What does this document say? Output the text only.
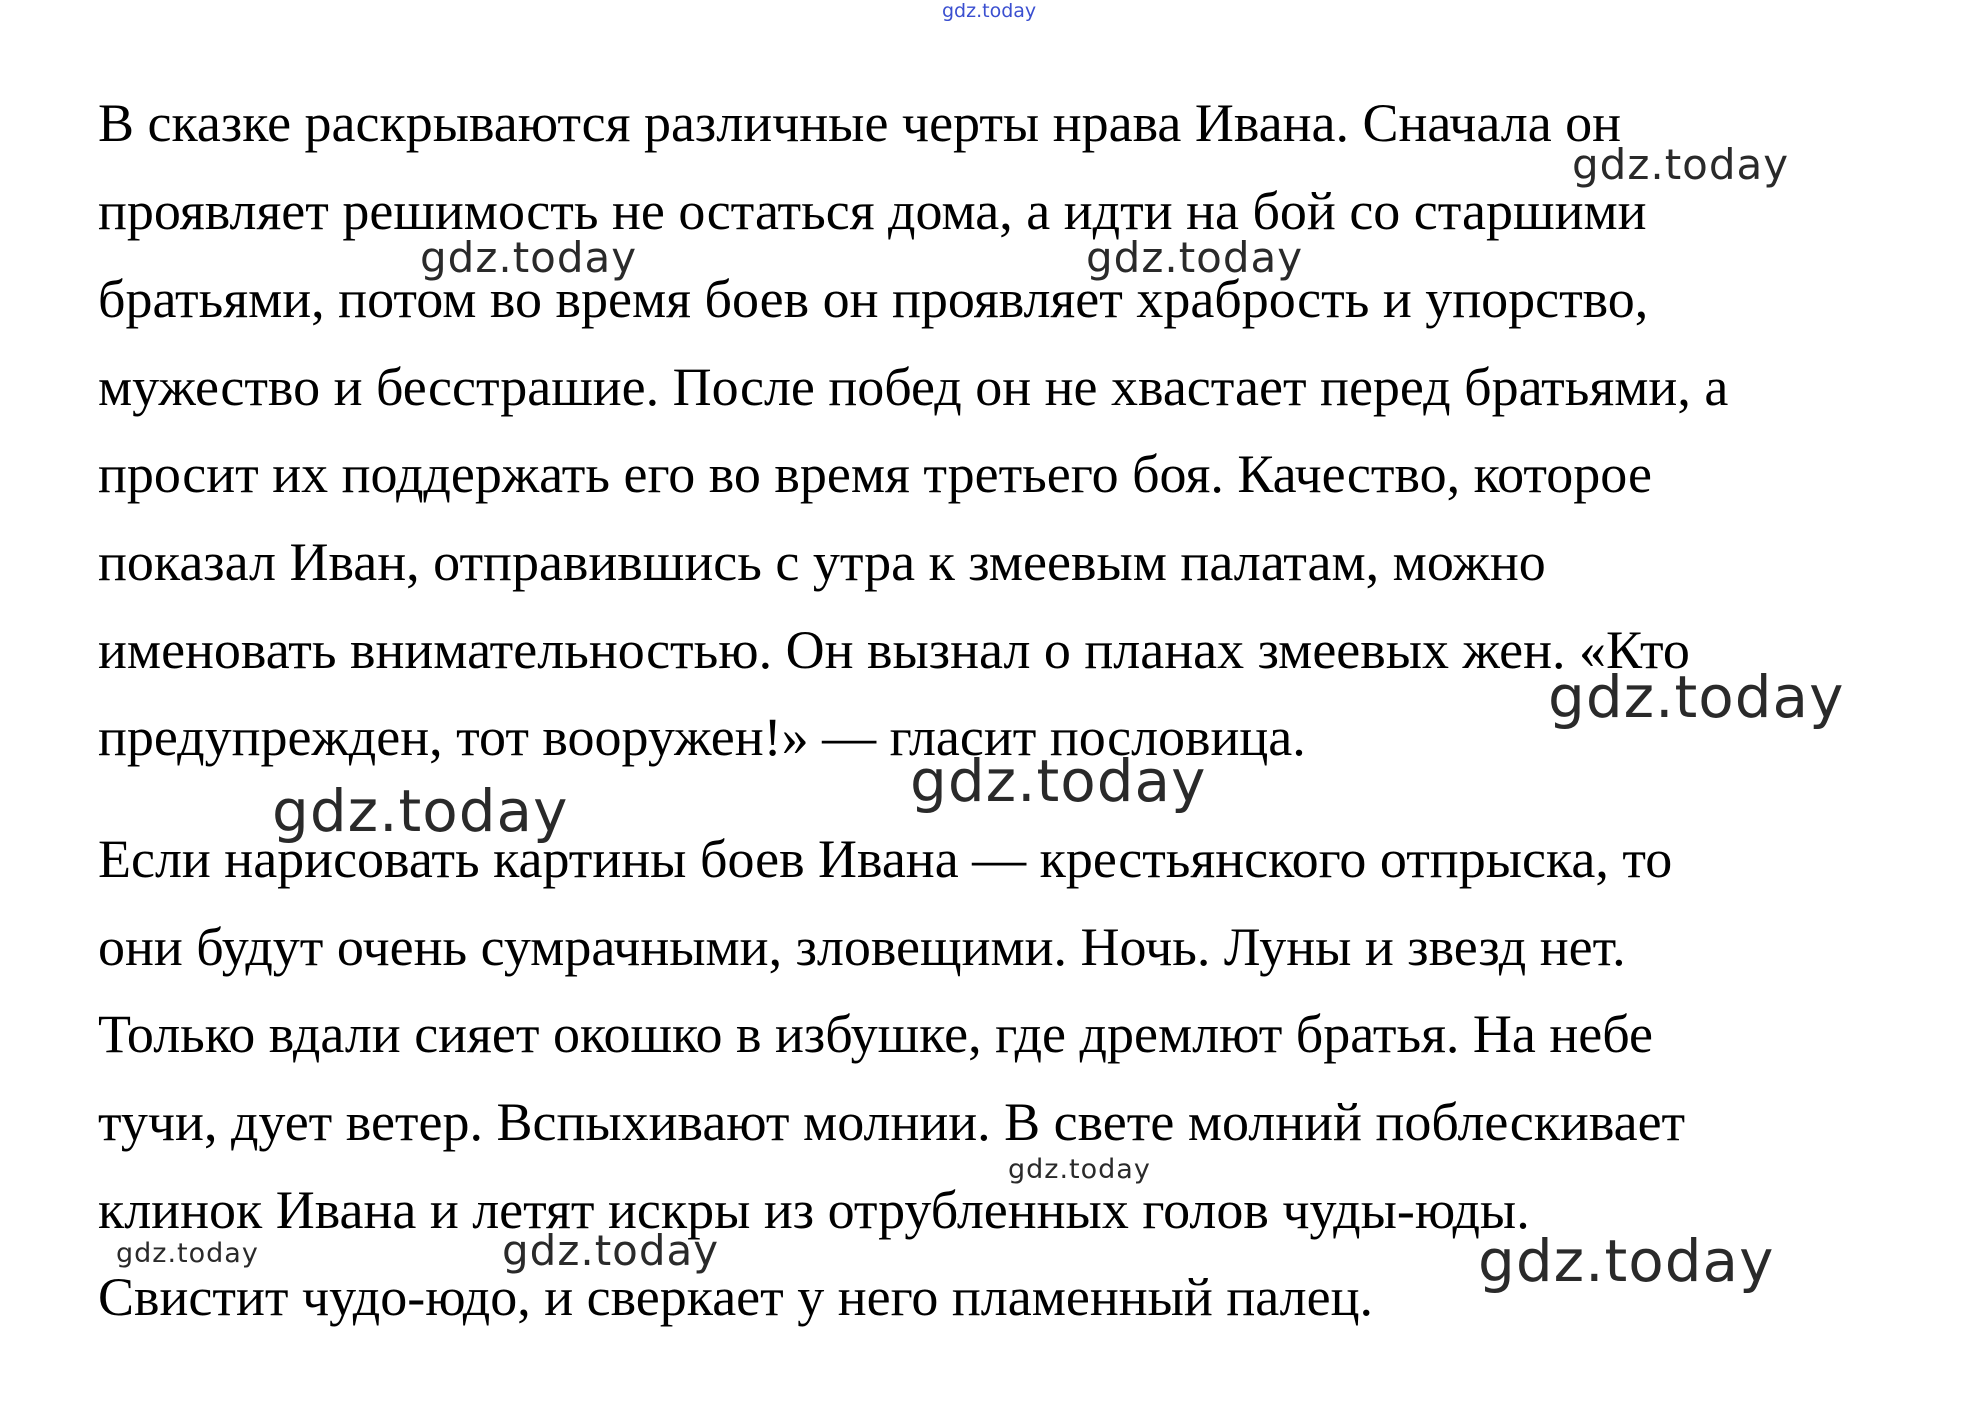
В сказке раскрываются различные черты нрава Ивана. Сначала он
проявляет решимость не остаться дома, а идти на бой со старшими
братьями, потом во время боев он проявляет храбрость и упорство,
мужество и бесстрашие. После побед он не хвастает перед братьями, а
просит их поддержать его во время третьего боя. Качество, которое
показал Иван, отправившись с утра к змеевым палатам, можно
именовать внимательностью. Он вызнал о планах змеевых жен. «Кто
предупрежден, тот вооружен!» — гласит пословица.
Если нарисовать картины боев Ивана — крестьянского отпрыска, то
они будут очень сумрачными, зловещими. Ночь. Луны и звезд нет.
Только вдали сияет окошко в избушке, где дремлют братья. На небе
тучи, дует ветер. Вспыхивают молнии. В свете молний поблескивает
клинок Ивана и летят искры из отрубленных голов чуды-юды.
Свистит чудо-юдо, и сверкает у него пламенный палец.
gdz.today
gdz.today
gdz.today	gdz.today
gdz.today
gdz.today
gdz.today
gdz.today
gdz.today	gdz.today	gdz.today
